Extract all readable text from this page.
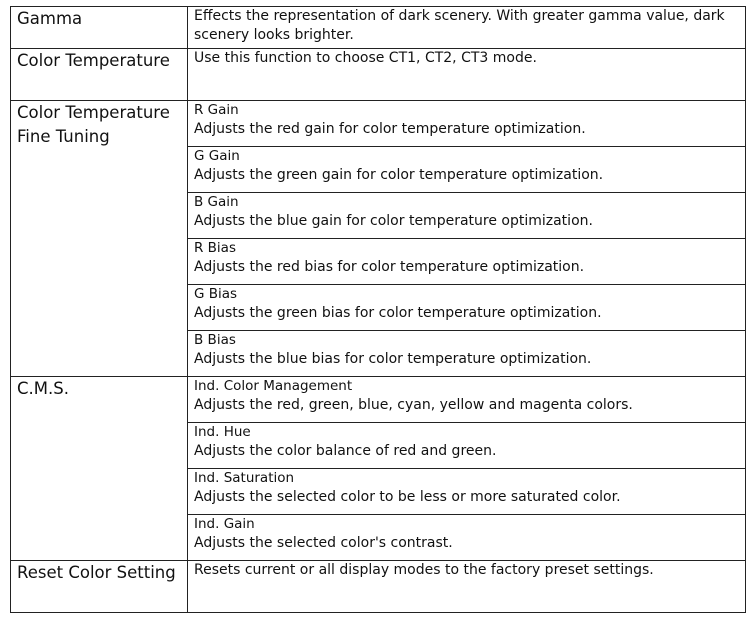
Gamma	Effects the representation of dark scenery. With greater gamma value, dark scenery looks brighter.
Color Temperature	Use this function to choose CT1, CT2, CT3 mode.
Color Temperature Fine Tuning	R Gain
Adjusts the red gain for color temperature optimization.

	G Gain
Adjusts the green gain for color temperature optimization.

	B Gain
Adjusts the blue gain for color temperature optimization.

	R Bias
Adjusts the red bias for color temperature optimization.

	G Bias
Adjusts the green bias for color temperature optimization.

	B Bias
Adjusts the blue bias for color temperature optimization.

C.M.S.	Ind. Color Management
Adjusts the red, green, blue, cyan, yellow and magenta colors.

	Ind. Hue
Adjusts the color balance of red and green.

	Ind. Saturation
Adjusts the selected color to be less or more saturated color.

	Ind. Gain
Adjusts the selected color's contrast.

Reset Color Setting	Resets current or all display modes to the factory preset settings.
